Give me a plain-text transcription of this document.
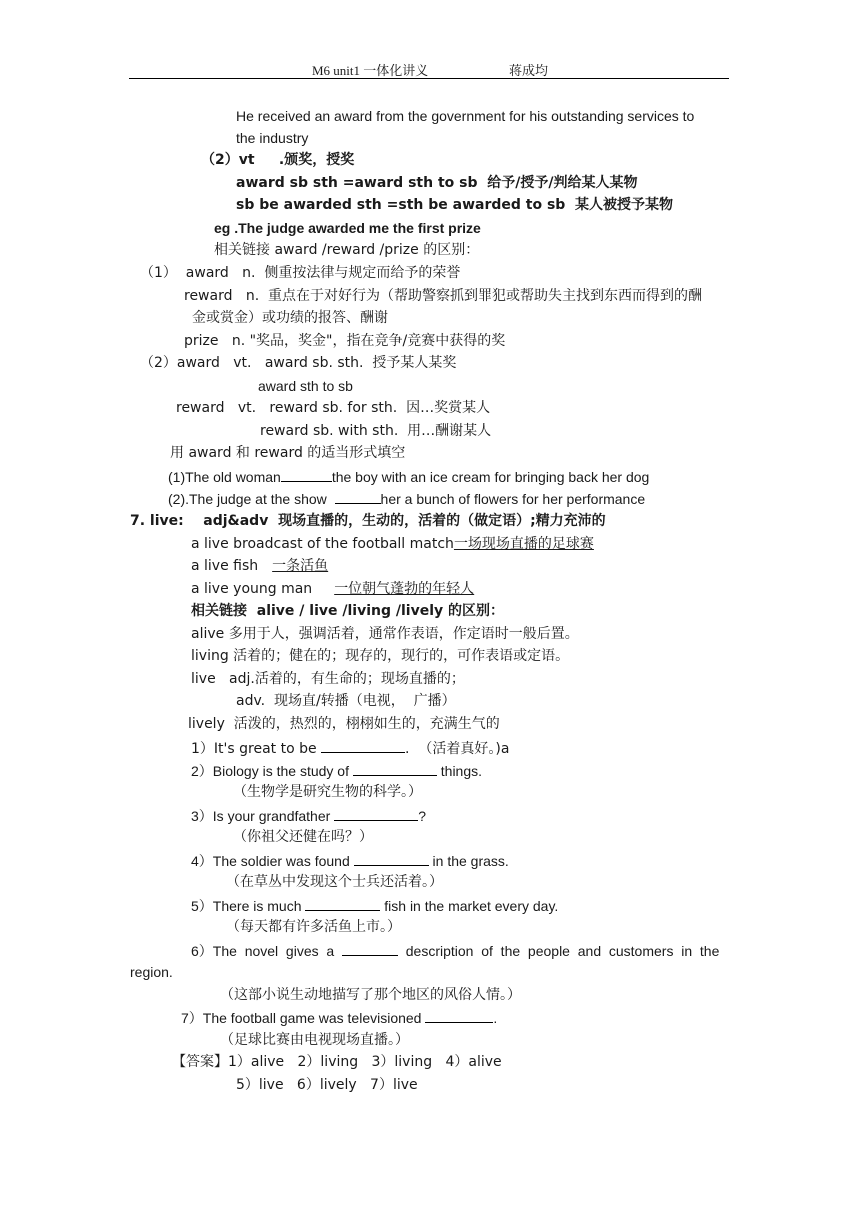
M6 unit1 一体化讲义	蒋成均
He received an award from the government for his outstanding services to
the industry
（2）vt     .颁奖，授奖
award sb sth =award sth to sb  给予/授予/判给某人某物
sb be awarded sth =sth be awarded to sb  某人被授予某物
eg .The judge awarded me the first prize
相关链接 award /reward /prize 的区别：
（1）  award   n.  侧重按法律与规定而给予的荣誉
reward   n.  重点在于对好行为（帮助警察抓到罪犯或帮助失主找到东西而得到的酬
金或赏金）或功绩的报答、酬谢
prize   n. "奖品，奖金"，指在竞争/竞赛中获得的奖
（2）award   vt.   award sb. sth.  授予某人某奖
award sth to sb
reward   vt.   reward sb. for sth.  因…奖赏某人
reward sb. with sth.  用…酬谢某人
用 award 和 reward 的适当形式填空
(1)The old woman	the boy with an ice cream for bringing back her dog
(2).The judge at the show	her a bunch of flowers for her performance
7. live:    adj&adv  现场直播的，生动的，活着的（做定语）;精力充沛的
a live broadcast of the football match一场现场直播的足球赛
a live fish 一条活鱼
a live young man 一位朝气蓬勃的年轻人
相关链接  alive / live /living /lively 的区别：
alive 多用于人，强调活着，通常作表语，作定语时一般后置。
living 活着的；健在的；现存的，现行的，可作表语或定语。
live   adj.活着的，有生命的；现场直播的；
adv.  现场直/转播（电视，  广播）
lively  活泼的，热烈的，栩栩如生的，充满生气的
1）It's great to be	.  （活着真好。)a
2）Biology is the study of	things.
（生物学是研究生物的科学。）
3）Is your grandfather	?
（你祖父还健在吗？）
4）The soldier was found	in the grass.
（在草丛中发现这个士兵还活着。）
5）There is much	fish in the market every day.
（每天都有许多活鱼上市。）
6）The  novel  gives  a	description  of  the  people  and  customers  in  the
region.
（这部小说生动地描写了那个地区的风俗人情。）
7）The football game was televisioned	.
（足球比赛由电视现场直播。）
【答案】1）alive   2）living   3）living   4）alive
5）live   6）lively   7）live
